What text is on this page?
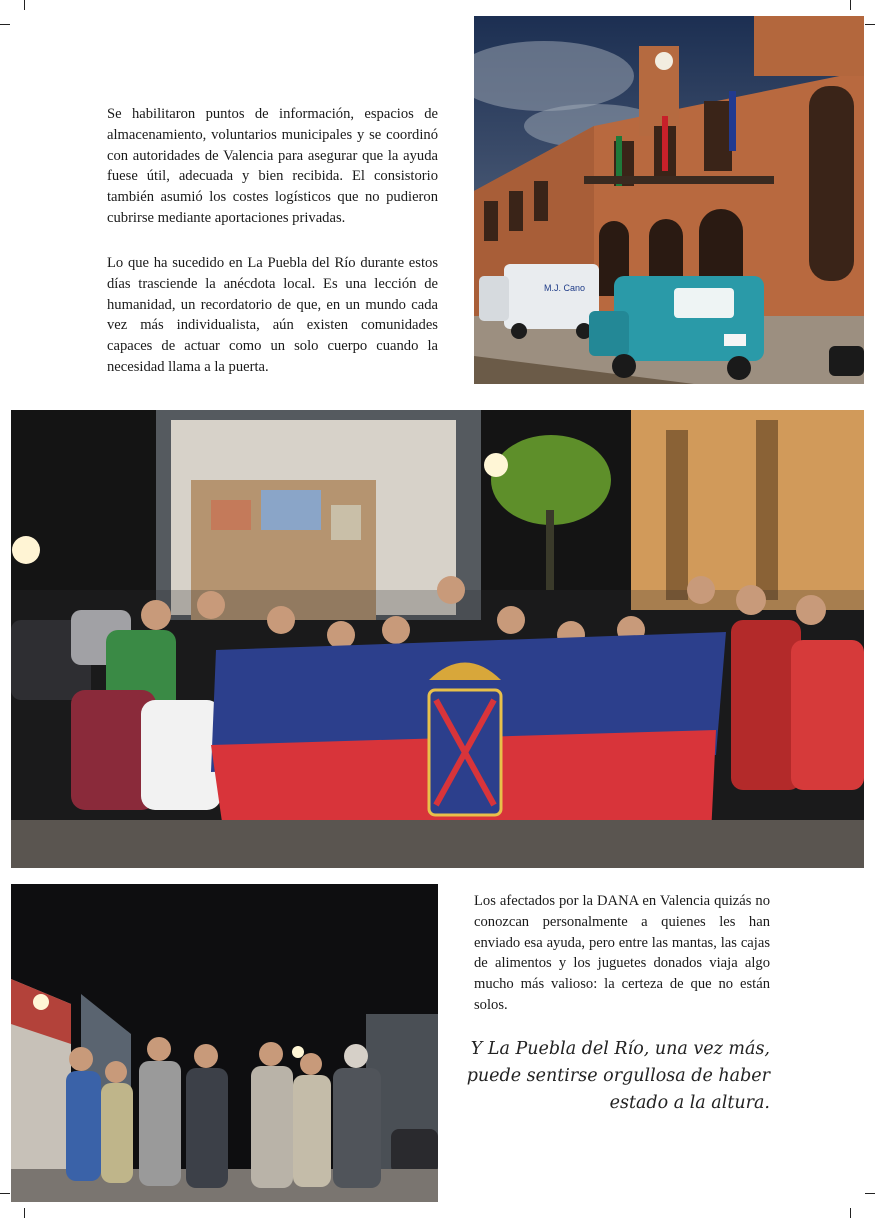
Se habilitaron puntos de información, espacios de almacenamiento, voluntarios municipales y se coordinó con autoridades de Valencia para asegurar que la ayuda fuese útil, adecuada y bien recibida. El consistorio también asumió los costes logísticos que no pudieron cubrirse mediante aportaciones privadas.

Lo que ha sucedido en La Puebla del Río durante estos días trasciende la anécdota local. Es una lección de humanidad, un recordatorio de que, en un mundo cada vez más individualista, aún existen comunidades capaces de actuar como un solo cuerpo cuando la necesidad llama a la puerta.

Los afectados por la DANA en Valencia quizás no conozcan personalmente a quienes les han enviado esa ayuda, pero entre las mantas, las cajas de alimentos y los juguetes donados viaja algo mucho más valioso: la certeza de que no están solos.

Y La Puebla del Río, una vez más, puede sentirse orgullosa de haber estado a la altura.

M.J. Cano
